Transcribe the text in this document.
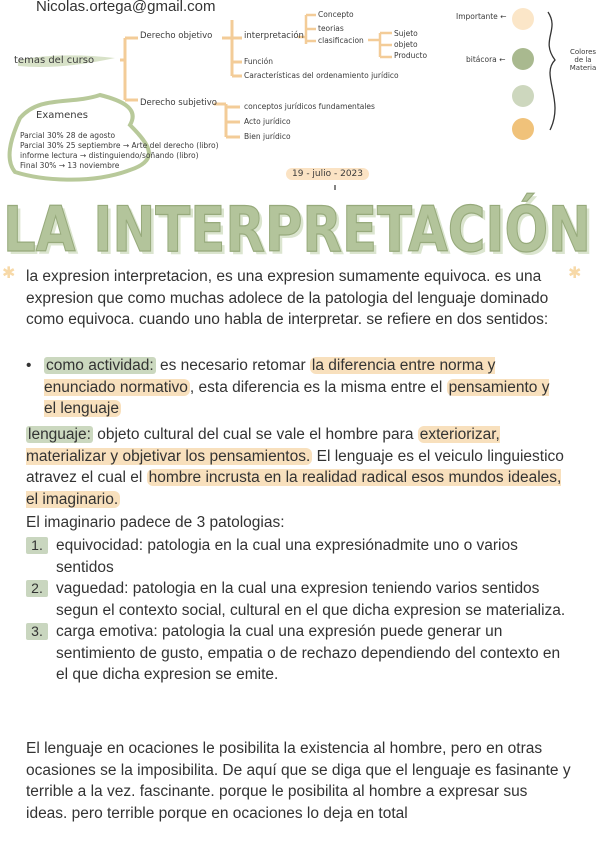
Nicolas.ortega@gmail.com
temas del curso
Derecho objetivo	interpretación
Concepto
teorias
clasificacion
Sujeto
objeto
Producto
Función
Características del ordenamiento jurídico
Derecho subjetivo	conceptos jurídicos fundamentales
Acto jurídico
Bien jurídico
Examenes
Parcial 30% 28 de agosto
Parcial 30% 25 septiembre → Arte del derecho (libro)
informe lectura → distinguiendo/soñando (libro)
Final 30% → 13 noviembre
Importante ←
bitácora ←
Colores de la Materia
19 - julio - 2023
LA INTERPRETACIÓN
LA INTERPRETACIÓN
✱	✱
la expresion interpretacion, es una expresion sumamente equivoca. es una expresion que como muchas adolece de la patologia del lenguaje dominado como equivoca. cuando uno habla de interpretar. se refiere en dos sentidos:
• como actividad: es necesario retomar la diferencia entre norma y enunciado normativo , esta diferencia es la misma entre el pensamiento y el lenguaje
lenguaje: objeto cultural del cual se vale el hombre para exteriorizar, materializar y objetivar los pensamientos. El lenguaje es el veiculo linguiestico atravez el cual el hombre incrusta en la realidad radical esos mundos ideales, el imaginario.
El imaginario padece de 3 patologias:
1. equivocidad: patologia en la cual una expresiónadmite uno o varios sentidos
2. vaguedad: patologia en la cual una expresion teniendo varios sentidos segun el contexto social, cultural en el que dicha expresion se materializa.
3. carga emotiva: patologia la cual una expresión puede generar un sentimiento de gusto, empatia o de rechazo dependiendo del contexto en el que dicha expresion se emite.
El lenguaje en ocaciones le posibilita la existencia al hombre, pero en otras ocasiones se la imposibilita. De aquí que se diga que el lenguaje es fasinante y terrible a la vez. fascinante. porque le posibilita al hombre a expresar sus ideas. pero terrible porque en ocaciones lo deja en total
